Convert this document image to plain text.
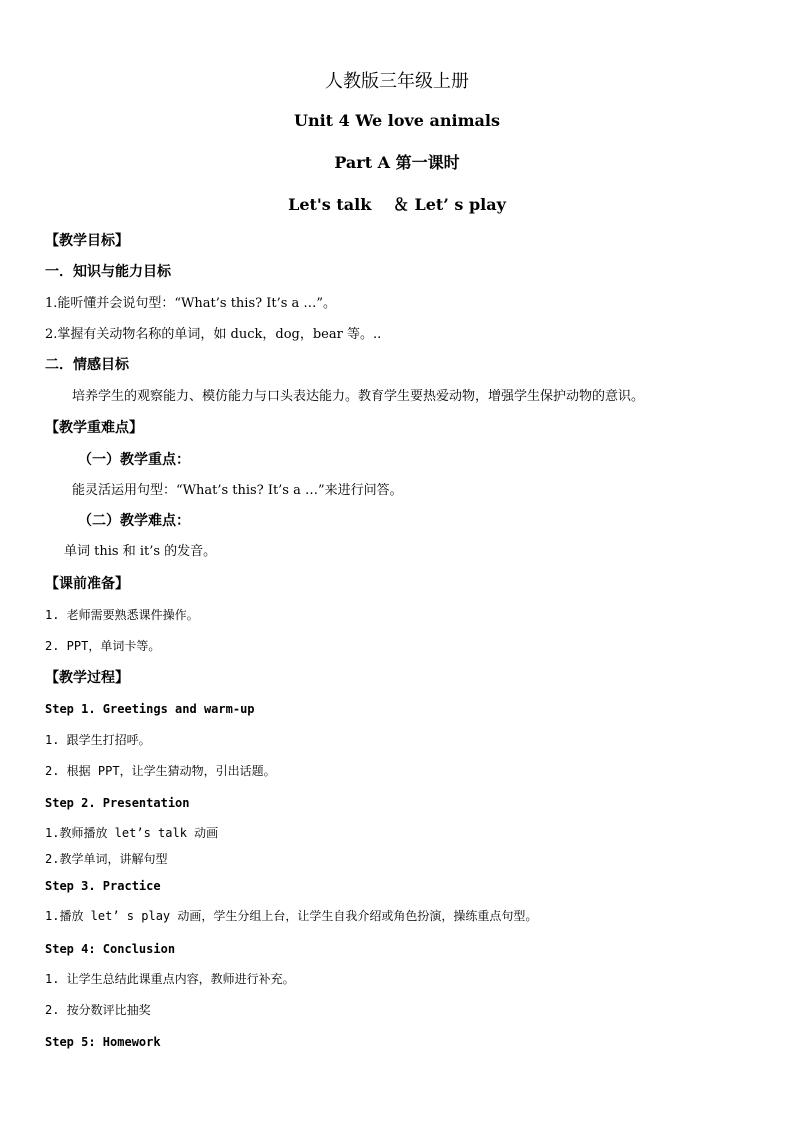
人教版三年级上册
Unit 4 We love animals
Part A 第一课时
Let's talk　 ＆ Let’ s play
【教学目标】
一．知识与能力目标
1.能听懂并会说句型：“What’s this? It’s a …”。
2.掌握有关动物名称的单词，如 duck，dog，bear 等。..
二．情感目标
培养学生的观察能力、模仿能力与口头表达能力。教育学生要热爱动物，增强学生保护动物的意识。
【教学重难点】
（一）教学重点：
能灵活运用句型：“What’s this? It’s a …”来进行问答。
（二）教学难点：
单词 this 和 it’s 的发音。
【课前准备】
1. 老师需要熟悉课件操作。
2. PPT，单词卡等。
【教学过程】
Step 1. Greetings and warm-up
1. 跟学生打招呼。
2. 根据 PPT，让学生猜动物，引出话题。
Step 2. Presentation
1.教师播放 let’s talk 动画
2.教学单词，讲解句型
Step 3. Practice
1.播放 let’ s play 动画，学生分组上台，让学生自我介绍或角色扮演，操练重点句型。
Step 4: Conclusion
1. 让学生总结此课重点内容，教师进行补充。
2. 按分数评比抽奖
Step 5: Homework
